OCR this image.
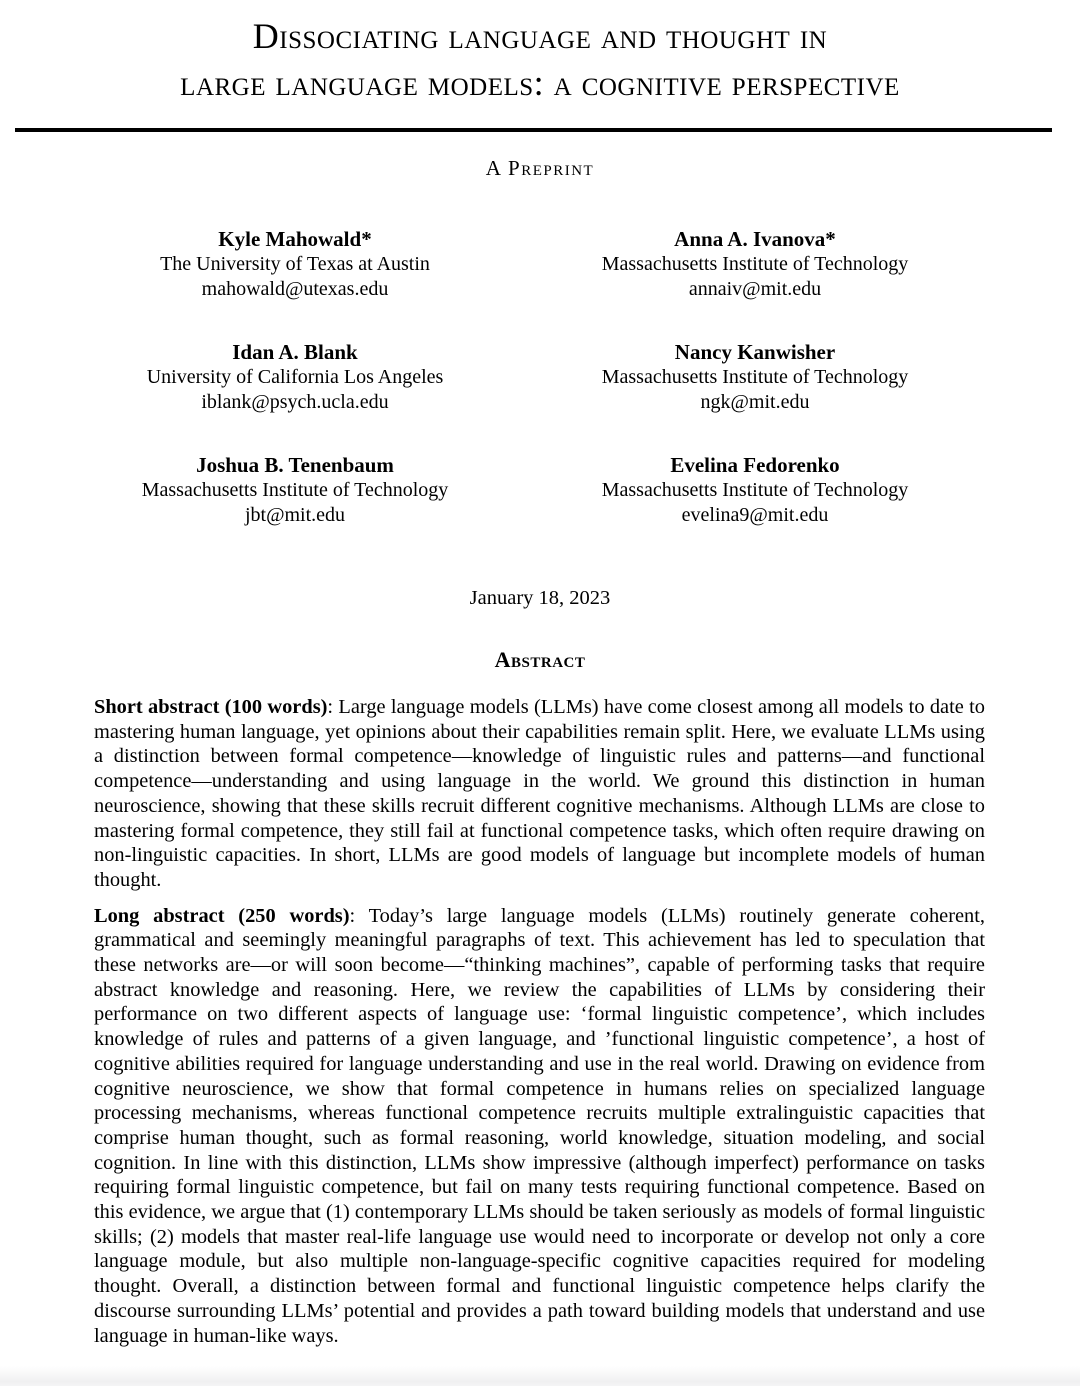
Dissociating language and thought in
large language models: a cognitive perspective
A Preprint
Kyle Mahowald*
The University of Texas at Austin
mahowald@utexas.edu
Anna A. Ivanova*
Massachusetts Institute of Technology
annaiv@mit.edu
Idan A. Blank
University of California Los Angeles
iblank@psych.ucla.edu
Nancy Kanwisher
Massachusetts Institute of Technology
ngk@mit.edu
Joshua B. Tenenbaum
Massachusetts Institute of Technology
jbt@mit.edu
Evelina Fedorenko
Massachusetts Institute of Technology
evelina9@mit.edu
January 18, 2023
Abstract

Short abstract (100 words): Large language models (LLMs) have come closest among all models to date to mastering human language, yet opinions about their capabilities remain split. Here, we evaluate LLMs using a distinction between formal competence—knowledge of linguistic rules and patterns—and functional competence—understanding and using language in the world. We ground this distinction in human neuroscience, showing that these skills recruit different cognitive mechanisms. Although LLMs are close to mastering formal competence, they still fail at functional competence tasks, which often require drawing on non-linguistic capacities. In short, LLMs are good models of language but incomplete models of human thought.

Long abstract (250 words): Today’s large language models (LLMs) routinely generate coherent, grammatical and seemingly meaningful paragraphs of text. This achievement has led to speculation that these networks are—or will soon become—“thinking machines”, capable of performing tasks that require abstract knowledge and reasoning. Here, we review the capabilities of LLMs by considering their performance on two different aspects of language use: ‘formal linguistic competence’, which includes knowledge of rules and patterns of a given language, and ’functional linguistic competence’, a host of cognitive abilities required for language understanding and use in the real world. Drawing on evidence from cognitive neuroscience, we show that formal competence in humans relies on specialized language processing mechanisms, whereas functional competence recruits multiple extralinguistic capacities that comprise human thought, such as formal reasoning, world knowledge, situation modeling, and social cognition. In line with this distinction, LLMs show impressive (although imperfect) performance on tasks requiring formal linguistic competence, but fail on many tests requiring functional competence. Based on this evidence, we argue that (1) contemporary LLMs should be taken seriously as models of formal linguistic skills; (2) models that master real-life language use would need to incorporate or develop not only a core language module, but also multiple non-language-specific cognitive capacities required for modeling thought. Overall, a distinction between formal and functional linguistic competence helps clarify the discourse surrounding LLMs’ potential and provides a path toward building models that understand and use language in human-like ways.
